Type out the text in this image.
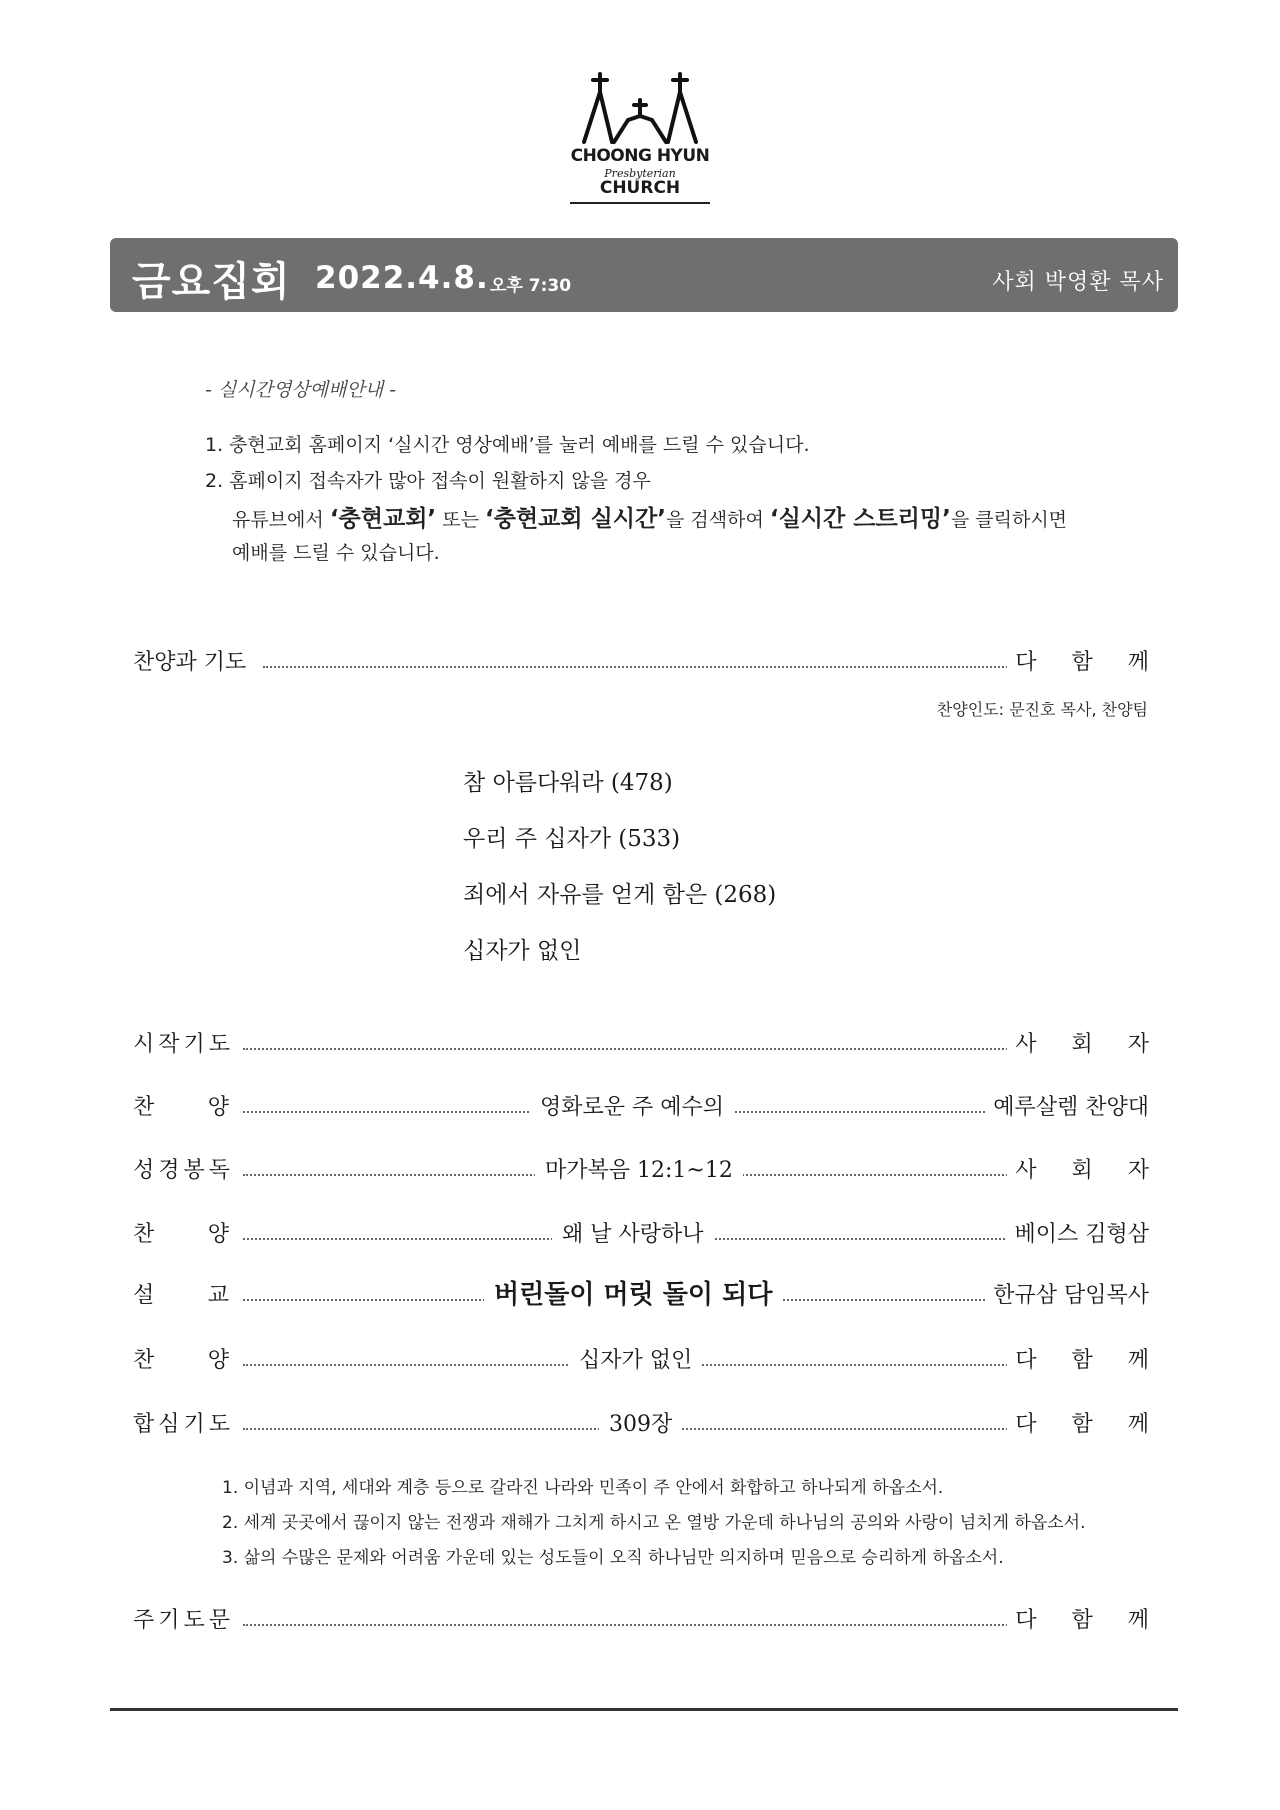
CHOONG HYUN
Presbyterian
CHURCH
금요집회 2022.4.8. 오후 7:30	사회 박영환 목사
- 실시간영상예배안내 -
1. 충현교회 홈페이지 ‘실시간 영상예배’를 눌러 예배를 드릴 수 있습니다.
2. 홈페이지 접속자가 많아 접속이 원활하지 않을 경우
유튜브에서 ‘충현교회’ 또는 ‘충현교회 실시간’을 검색하여 ‘실시간 스트리밍’을 클릭하시면
예배를 드릴 수 있습니다.
찬양과 기도	다 함 께
찬양인도: 문진호 목사, 찬양팀
참 아름다워라 (478)
우리 주 십자가 (533)
죄에서 자유를 얻게 함은 (268)
십자가 없인
시작기도	사 회 자
찬 양	영화로운 주 예수의	예루살렘 찬양대
성경봉독	마가복음 12:1~12	사 회 자
찬 양	왜 날 사랑하나	베이스 김형삼
설 교	버린돌이 머릿 돌이 되다	한규삼 담임목사
찬 양	십자가 없인	다 함 께
합심기도	309장	다 함 께
1. 이념과 지역, 세대와 계층 등으로 갈라진 나라와 민족이 주 안에서 화합하고 하나되게 하옵소서.
2. 세계 곳곳에서 끊이지 않는 전쟁과 재해가 그치게 하시고 온 열방 가운데 하나님의 공의와 사랑이 넘치게 하옵소서.
3. 삶의 수많은 문제와 어려움 가운데 있는 성도들이 오직 하나님만 의지하며 믿음으로 승리하게 하옵소서.
주기도문	다 함 께
